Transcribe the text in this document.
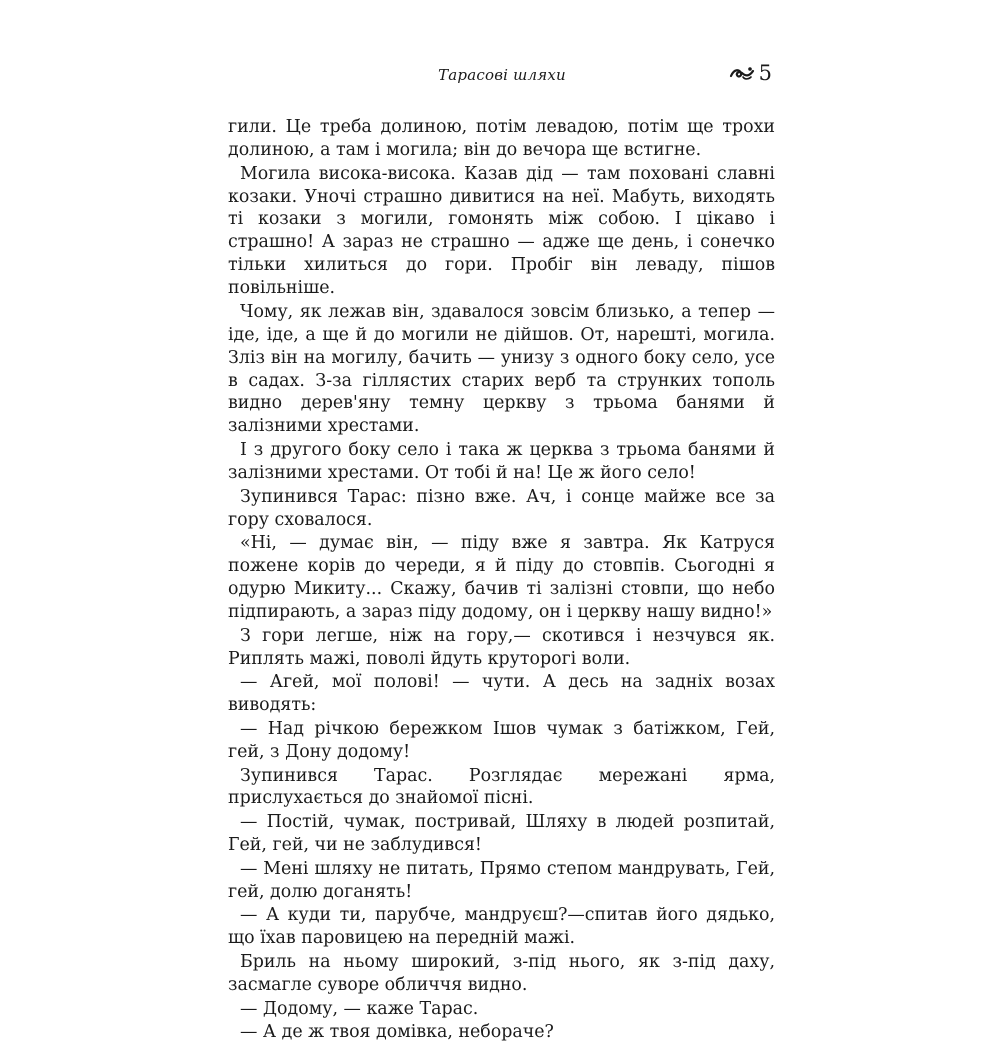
Тарасові шляхи	5

гили. Це треба долиною, потім левадою, потім ще трохи долиною, а там і могила; він до вечора ще встигне.

Могила висока-висока. Казав дід — там поховані славні козаки. Уночі страшно дивитися на неї. Мабуть, виходять ті козаки з могили, гомонять між собою. І цікаво і страшно! А зараз не страшно — адже ще день, і сонечко тільки хилиться до гори. Пробіг він леваду, пішов повільніше.

Чому, як лежав він, здавалося зовсім близько, а тепер — іде, іде, а ще й до могили не дійшов. От, нарешті, могила. Зліз він на могилу, бачить — унизу з одного боку село, усе в садах. З-за гіллястих старих верб та струнких тополь видно дерев'яну темну церкву з трьома банями й залізними хрестами.

І з другого боку село і така ж церква з трьома банями й залізними хрестами. От тобі й на! Це ж його село!

Зупинився Тарас: пізно вже. Ач, і сонце майже все за гору сховалося.

«Ні, — думає він, — піду вже я завтра. Як Катруся пожене корів до череди, я й піду до стовпів. Сьогодні я одурю Микиту... Скажу, бачив ті залізні стовпи, що небо підпирають, а зараз піду додому, он і церкву нашу видно!»

З гори легше, ніж на гору,— скотився і незчувся як. Риплять мажі, поволі йдуть круторогі воли.

— Агей, мої полові! — чути. А десь на задніх возах виводять:

— Над річкою бережком Ішов чумак з батіжком, Гей, гей, з Дону додому!

Зупинився Тарас. Розглядає мережані ярма, прислухається до знайомої пісні.

— Постій, чумак, постривай, Шляху в людей розпитай, Гей, гей, чи не заблудився!

— Мені шляху не питать, Прямо степом мандрувать, Гей, гей, долю доганять!

— А куди ти, парубче, мандруєш?—спитав його дядько, що їхав паровицею на передній мажі.

Бриль на ньому широкий, з-під нього, як з-під даху, засмагле суворе обличчя видно.

— Додому, — каже Тарас.

— А де ж твоя домівка, неборачe?
